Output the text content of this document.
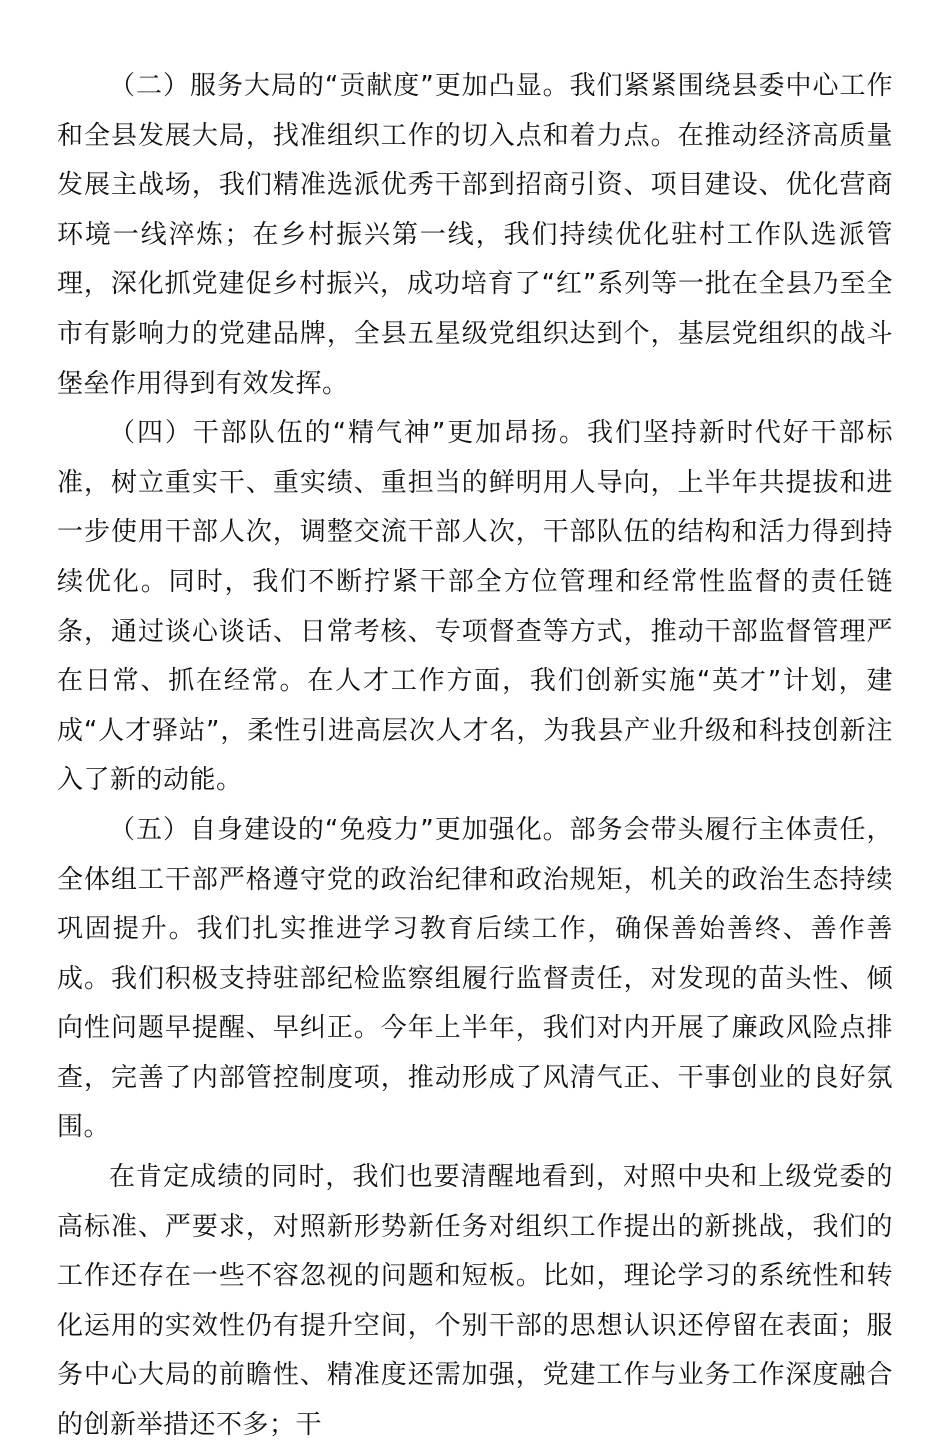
（二）服务大局的“贡献度”更加凸显。我们紧紧围绕县委中心工作和全县发展大局，找准组织工作的切入点和着力点。在推动经济高质量发展主战场，我们精准选派优秀干部到招商引资、项目建设、优化营商环境一线淬炼；在乡村振兴第一线，我们持续优化驻村工作队选派管理，深化抓党建促乡村振兴，成功培育了“红”系列等一批在全县乃至全市有影响力的党建品牌，全县五星级党组织达到个，基层党组织的战斗堡垒作用得到有效发挥。

（四）干部队伍的“精气神”更加昂扬。我们坚持新时代好干部标准，树立重实干、重实绩、重担当的鲜明用人导向，上半年共提拔和进一步使用干部人次，调整交流干部人次，干部队伍的结构和活力得到持续优化。同时，我们不断拧紧干部全方位管理和经常性监督的责任链条，通过谈心谈话、日常考核、专项督查等方式，推动干部监督管理严在日常、抓在经常。在人才工作方面，我们创新实施“英才”计划，建成“人才驿站”，柔性引进高层次人才名，为我县产业升级和科技创新注入了新的动能。

（五）自身建设的“免疫力”更加强化。部务会带头履行主体责任，全体组工干部严格遵守党的政治纪律和政治规矩，机关的政治生态持续巩固提升。我们扎实推进学习教育后续工作，确保善始善终、善作善成。我们积极支持驻部纪检监察组履行监督责任，对发现的苗头性、倾向性问题早提醒、早纠正。今年上半年，我们对内开展了廉政风险点排查，完善了内部管控制度项，推动形成了风清气正、干事创业的良好氛围。

在肯定成绩的同时，我们也要清醒地看到，对照中央和上级党委的高标准、严要求，对照新形势新任务对组织工作提出的新挑战，我们的工作还存在一些不容忽视的问题和短板。比如，理论学习的系统性和转化运用的实效性仍有提升空间，个别干部的思想认识还停留在表面；服务中心大局的前瞻性、精准度还需加强，党建工作与业务工作深度融合的创新举措还不多；干
